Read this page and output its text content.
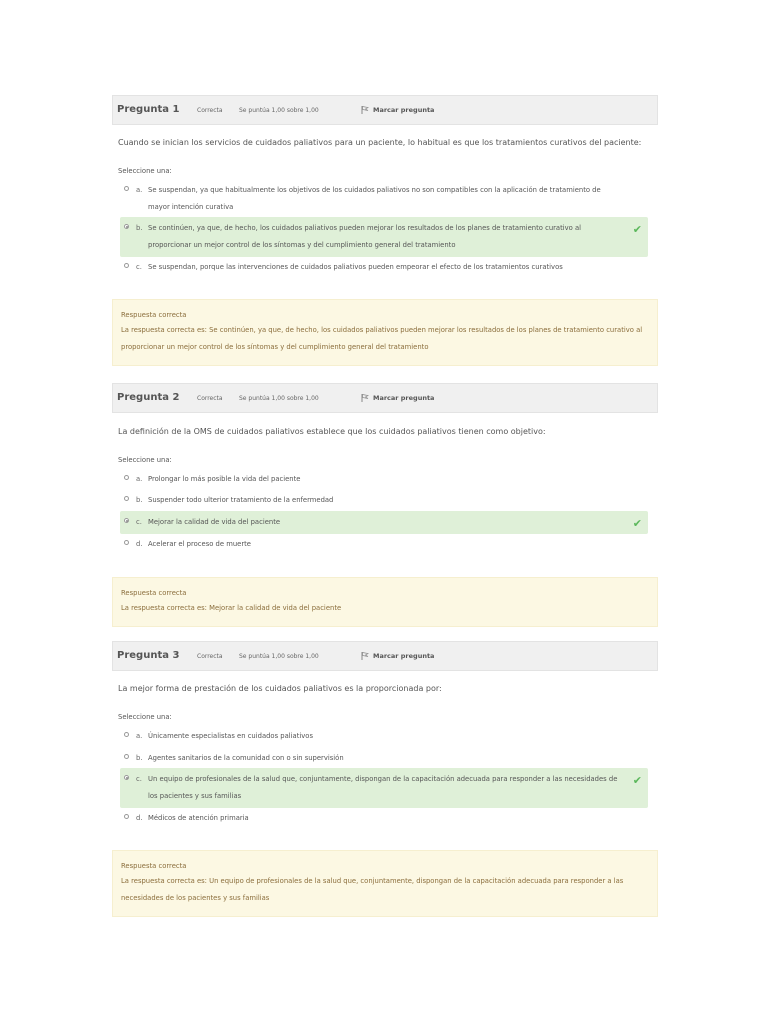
Pregunta 1	Correcta	Se puntúa 1,00 sobre 1,00	Marcar pregunta
Cuando se inician los servicios de cuidados paliativos para un paciente, lo habitual es que los tratamientos curativos del paciente:
Seleccione una:
a. Se suspendan, ya que habitualmente los objetivos de los cuidados paliativos no son compatibles con la aplicación de tratamiento de mayor intención curativa
b. Se continúen, ya que, de hecho, los cuidados paliativos pueden mejorar los resultados de los planes de tratamiento curativo al proporcionar un mejor control de los síntomas y del cumplimiento general del tratamiento
✔
c. Se suspendan, porque las intervenciones de cuidados paliativos pueden empeorar el efecto de los tratamientos curativos
Respuesta correcta
La respuesta correcta es: Se continúen, ya que, de hecho, los cuidados paliativos pueden mejorar los resultados de los planes de tratamiento curativo al proporcionar un mejor control de los síntomas y del cumplimiento general del tratamiento
Pregunta 2	Correcta	Se puntúa 1,00 sobre 1,00	Marcar pregunta
La definición de la OMS de cuidados paliativos establece que los cuidados paliativos tienen como objetivo:
Seleccione una:
a. Prolongar lo más posible la vida del paciente
b. Suspender todo ulterior tratamiento de la enfermedad
c. Mejorar la calidad de vida del paciente	✔
d. Acelerar el proceso de muerte
Respuesta correcta
La respuesta correcta es: Mejorar la calidad de vida del paciente
Pregunta 3	Correcta	Se puntúa 1,00 sobre 1,00	Marcar pregunta
La mejor forma de prestación de los cuidados paliativos es la proporcionada por:
Seleccione una:
a. Únicamente especialistas en cuidados paliativos
b. Agentes sanitarios de la comunidad con o sin supervisión
c. Un equipo de profesionales de la salud que, conjuntamente, dispongan de la capacitación adecuada para responder a las necesidades de los pacientes y sus familias
✔
d. Médicos de atención primaria
Respuesta correcta
La respuesta correcta es: Un equipo de profesionales de la salud que, conjuntamente, dispongan de la capacitación adecuada para responder a las necesidades de los pacientes y sus familias
